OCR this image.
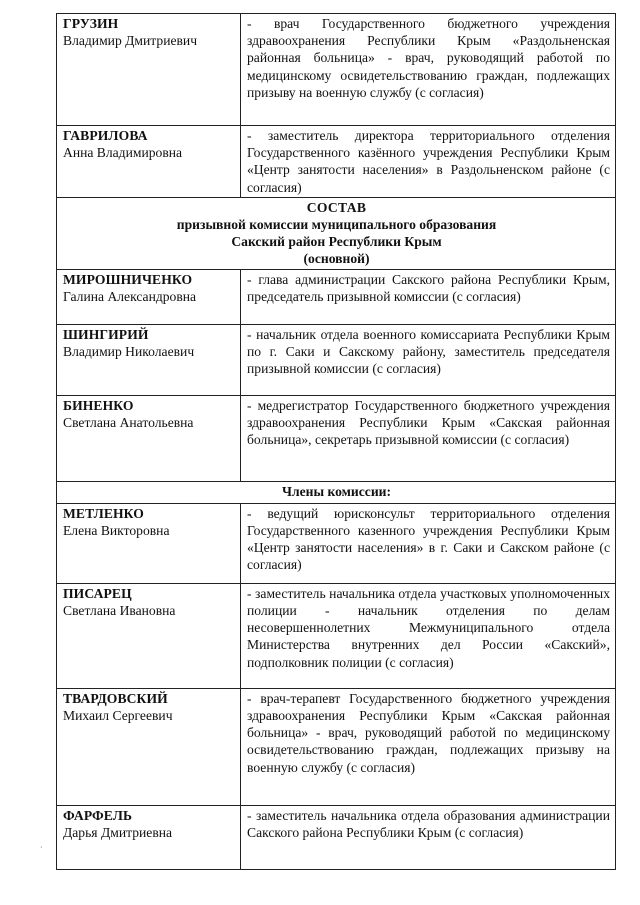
ГРУЗИН
Владимир Дмитриевич	- врач Государственного бюджетного учреждения здравоохранения Республики Крым «Раздольненская районная больница» - врач, руководящий работой по медицинскому освидетельствованию граждан, подлежащих призыву на военную службу (с согласия)

ГАВРИЛОВА
Анна Владимировна	- заместитель директора территориального отделения Государственного казённого учреждения Республики Крым «Центр занятости населения» в Раздольненском районе (с согласия)

СОСТАВ
призывной комиссии муниципального образования
Сакский район Республики Крым
(основной)	

МИРОШНИЧЕНКО
Галина Александровна	- глава администрации Сакского района Республики Крым, председатель призывной комиссии (с согласия)

ШИНГИРИЙ
Владимир Николаевич	- начальник отдела военного комиссариата Республики Крым по г. Саки и Сакскому району, заместитель председателя призывной комиссии (с согласия)

БИНЕНКО
Светлана Анатольевна	- медрегистратор Государственного бюджетного учреждения здравоохранения Республики Крым «Сакская районная больница», секретарь призывной комиссии (с согласия)
Члены комиссии:	

МЕТЛЕНКО
Елена Викторовна	- ведущий юрисконсульт территориального отделения Государственного казенного учреждения Республики Крым «Центр занятости населения» в г. Саки и Сакском районе (с согласия)

ПИСАРЕЦ
Светлана Ивановна	- заместитель начальника отдела участковых уполномоченных полиции - начальник отделения по делам несовершеннолетних Межмуниципального отдела Министерства внутренних дел России «Сакский», подполковник полиции (с согласия)

ТВАРДОВСКИЙ
Михаил Сергеевич	- врач-терапевт Государственного бюджетного учреждения здравоохранения Республики Крым «Сакская районная больница» - врач, руководящий работой по медицинскому освидетельствованию граждан, подлежащих призыву на военную службу (с согласия)

ФАРФЕЛЬ
Дарья Дмитриевна	- заместитель начальника отдела образования администрации Сакского района Республики Крым (с согласия)
·
